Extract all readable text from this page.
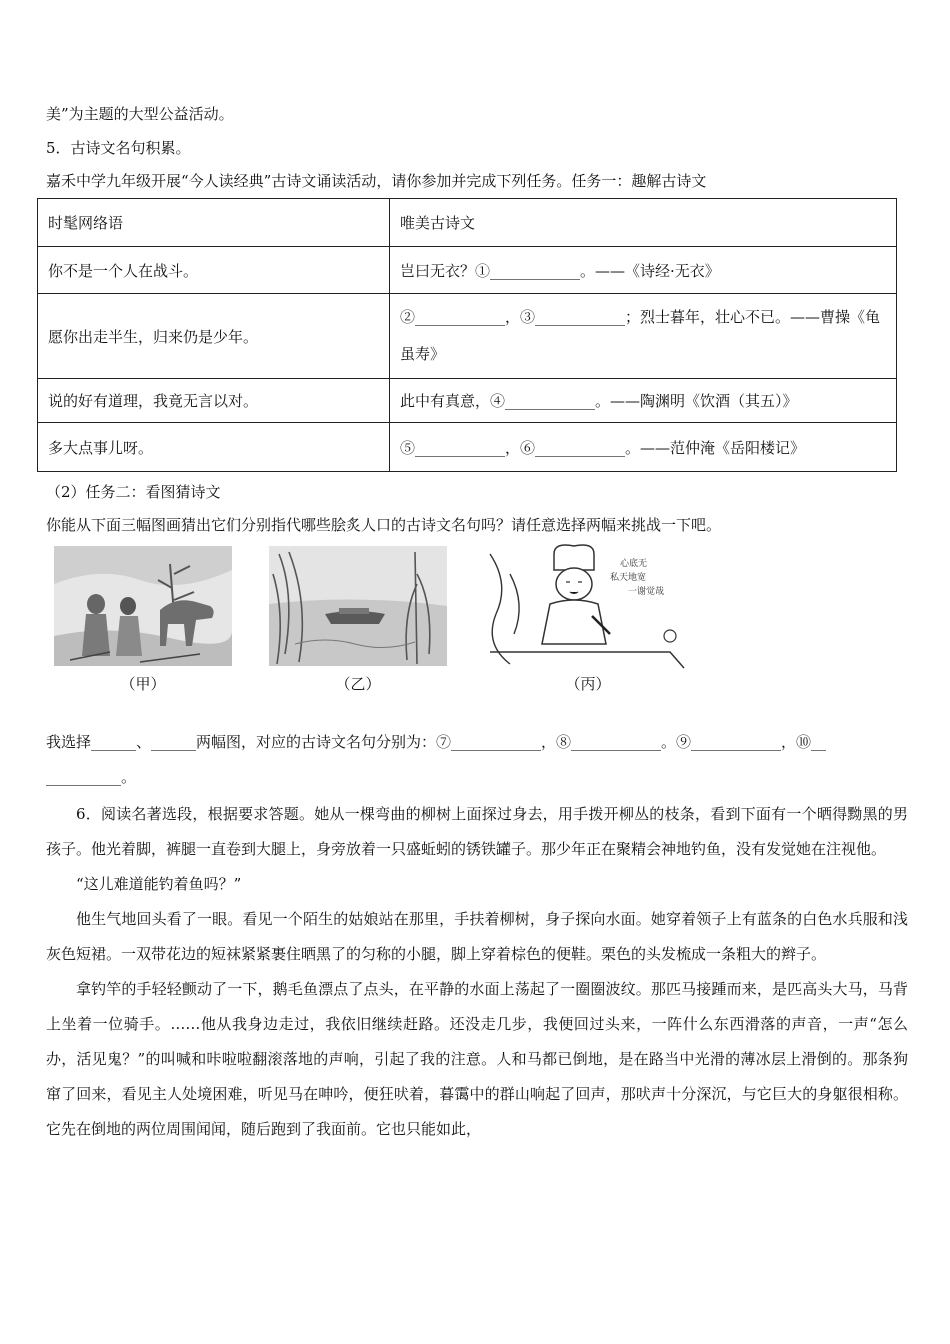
美”为主题的大型公益活动。
5．古诗文名句积累。
嘉禾中学九年级开展“今人读经典”古诗文诵读活动，请你参加并完成下列任务。任务一：趣解古诗文
时髦网络语	唯美古诗文
你不是一个人在战斗。	岂曰无衣？①____________。——《诗经·无衣》
愿你出走半生，归来仍是少年。	②____________，③____________；烈士暮年，壮心不已。——曹操《龟虽寿》
说的好有道理，我竟无言以对。	此中有真意，④____________。——陶渊明《饮酒（其五）》
多大点事儿呀。	⑤____________，⑥____________。——范仲淹《岳阳楼记》
（2）任务二：看图猜诗文
你能从下面三幅图画猜出它们分别指代哪些脍炙人口的古诗文名句吗？请任意选择两幅来挑战一下吧。
（甲）	（乙）
心底无
私天地宽
一谢觉哉
（丙）
我选择______、______两幅图，对应的古诗文名句分别为：⑦____________，⑧____________。⑨____________，⑩__
__________。

6．阅读名著选段，根据要求答题。她从一棵弯曲的柳树上面探过身去，用手拨开柳丛的枝条，看到下面有一个晒得黝黑的男孩子。他光着脚，裤腿一直卷到大腿上，身旁放着一只盛蚯蚓的锈铁罐子。那少年正在聚精会神地钓鱼，没有发觉她在注视他。

“这儿难道能钓着鱼吗？”

他生气地回头看了一眼。看见一个陌生的姑娘站在那里，手扶着柳树，身子探向水面。她穿着领子上有蓝条的白色水兵服和浅灰色短裙。一双带花边的短袜紧紧裹住晒黑了的匀称的小腿，脚上穿着棕色的便鞋。栗色的头发梳成一条粗大的辫子。

拿钓竿的手轻轻颤动了一下，鹅毛鱼漂点了点头，在平静的水面上荡起了一圈圈波纹。那匹马接踵而来，是匹高头大马，马背上坐着一位骑手。……他从我身边走过，我依旧继续赶路。还没走几步，我便回过头来，一阵什么东西滑落的声音，一声“怎么办，活见鬼？”的叫喊和咔啦啦翻滚落地的声响，引起了我的注意。人和马都已倒地，是在路当中光滑的薄冰层上滑倒的。那条狗窜了回来，看见主人处境困难，听见马在呻吟，便狂吠着，暮霭中的群山响起了回声，那吠声十分深沉，与它巨大的身躯很相称。它先在倒地的两位周围闻闻，随后跑到了我面前。它也只能如此，
